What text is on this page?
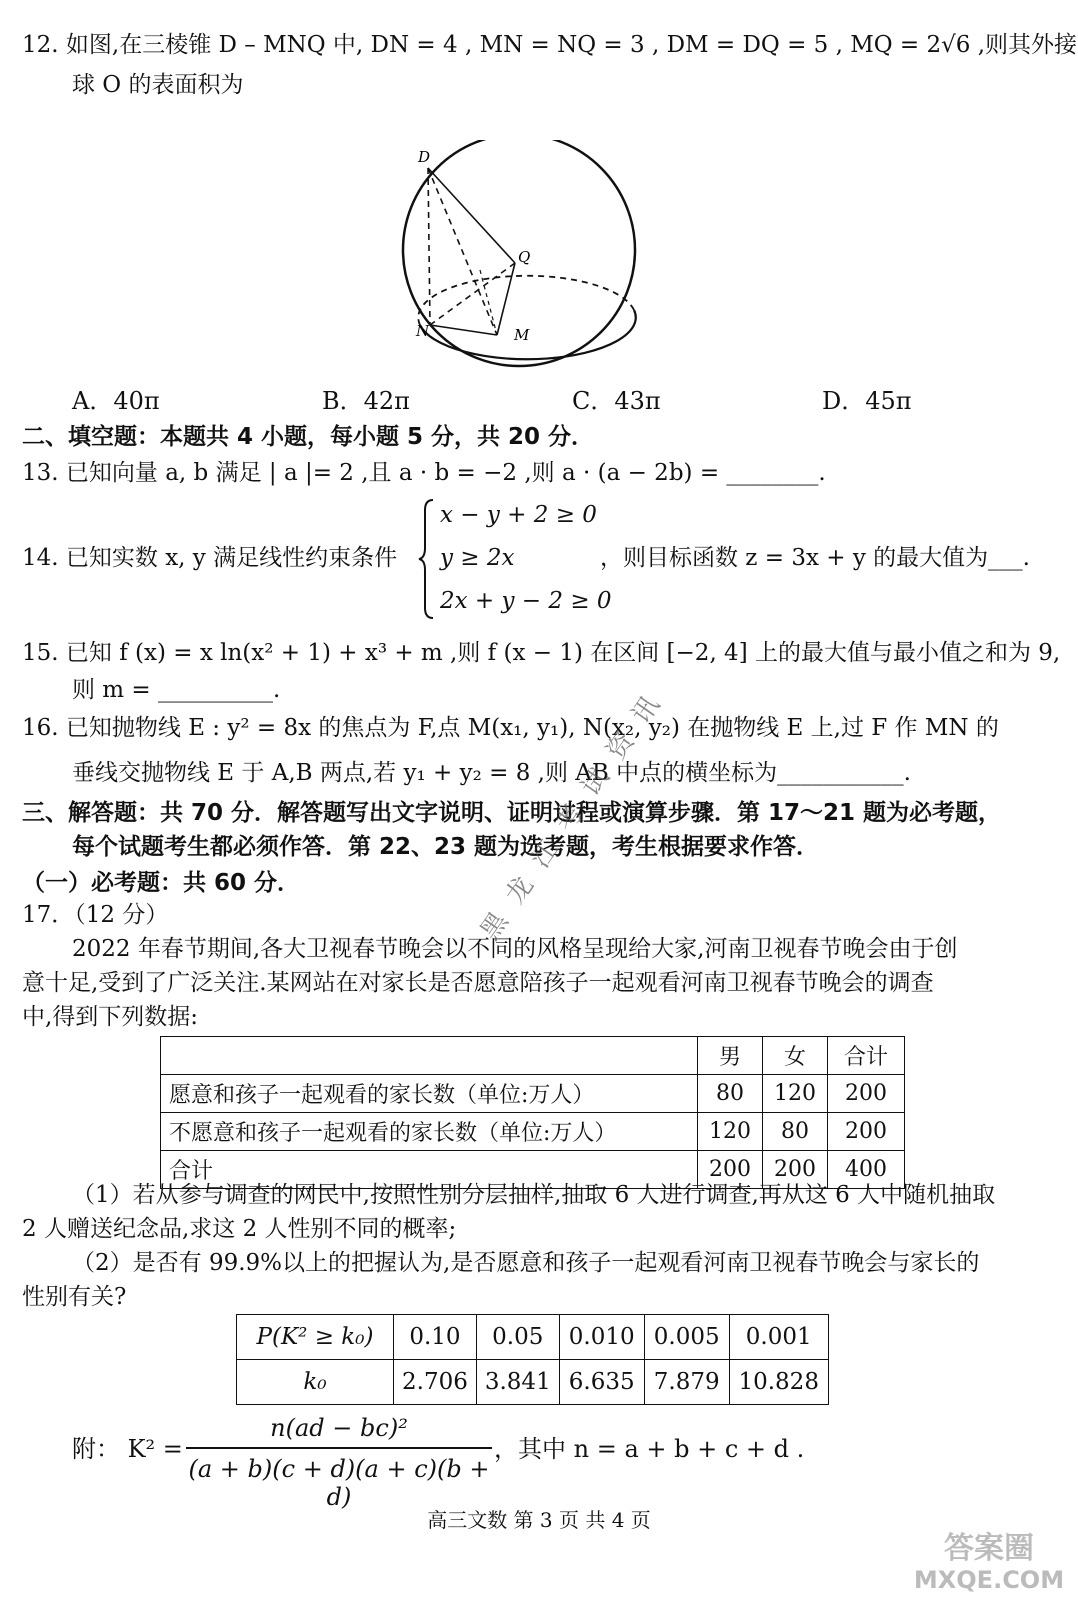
12. 如图,在三棱锥 D – MNQ 中, DN = 4 , MN = NQ = 3 , DM = DQ = 5 , MQ = 2√6 ,则其外接
球 O 的表面积为
D
Q
N	M
A．40π	B．42π	C．43π	D．45π
二、填空题：本题共 4 小题，每小题 5 分，共 20 分．
13. 已知向量 a, b 满足 | a |= 2 ,且 a · b = −2 ,则 a · (a − 2b) = ________.
14. 已知实数 x, y 满足线性约束条件
x − y + 2 ≥ 0
y ≥ 2x
2x + y − 2 ≥ 0
，则目标函数 z = 3x + y 的最大值为___.
15. 已知 f (x) = x ln(x² + 1) + x³ + m ,则 f (x − 1) 在区间 [−2, 4] 上的最大值与最小值之和为 9,
则 m = __________.
16. 已知抛物线 E : y² = 8x 的焦点为 F,点 M(x₁, y₁), N(x₂, y₂) 在抛物线 E 上,过 F 作 MN 的
垂线交抛物线 E 于 A,B 两点,若 y₁ + y₂ = 8 ,则 AB 中点的横坐标为___________.
三、解答题：共 70 分．解答题写出文字说明、证明过程或演算步骤．第 17～21 题为必考题，
每个试题考生都必须作答．第 22、23 题为选考题，考生根据要求作答．
（一）必考题：共 60 分．
17．（12 分）
2022 年春节期间,各大卫视春节晚会以不同的风格呈现给大家,河南卫视春节晚会由于创
意十足,受到了广泛关注.某网站在对家长是否愿意陪孩子一起观看河南卫视春节晚会的调查
中,得到下列数据:
	男	女	合计
愿意和孩子一起观看的家长数（单位:万人）	80	120	200
不愿意和孩子一起观看的家长数（单位:万人）	120	80	200
合计	200	200	400
（1）若从参与调查的网民中,按照性别分层抽样,抽取 6 人进行调查,再从这 6 人中随机抽取
2 人赠送纪念品,求这 2 人性别不同的概率;
（2）是否有 99.9%以上的把握认为,是否愿意和孩子一起观看河南卫视春节晚会与家长的
性别有关?
P(K² ≥ k₀)	0.10	0.05	0.010	0.005	0.001
k₀	2.706	3.841	6.635	7.879	10.828
附： K² =
n(ad − bc)²
(a + b)(c + d)(a + c)(b + d)
，其中 n = a + b + c + d .
黑龙江考试资讯
高三文数 第 3 页 共 4 页
答案圈
MXQE.COM
